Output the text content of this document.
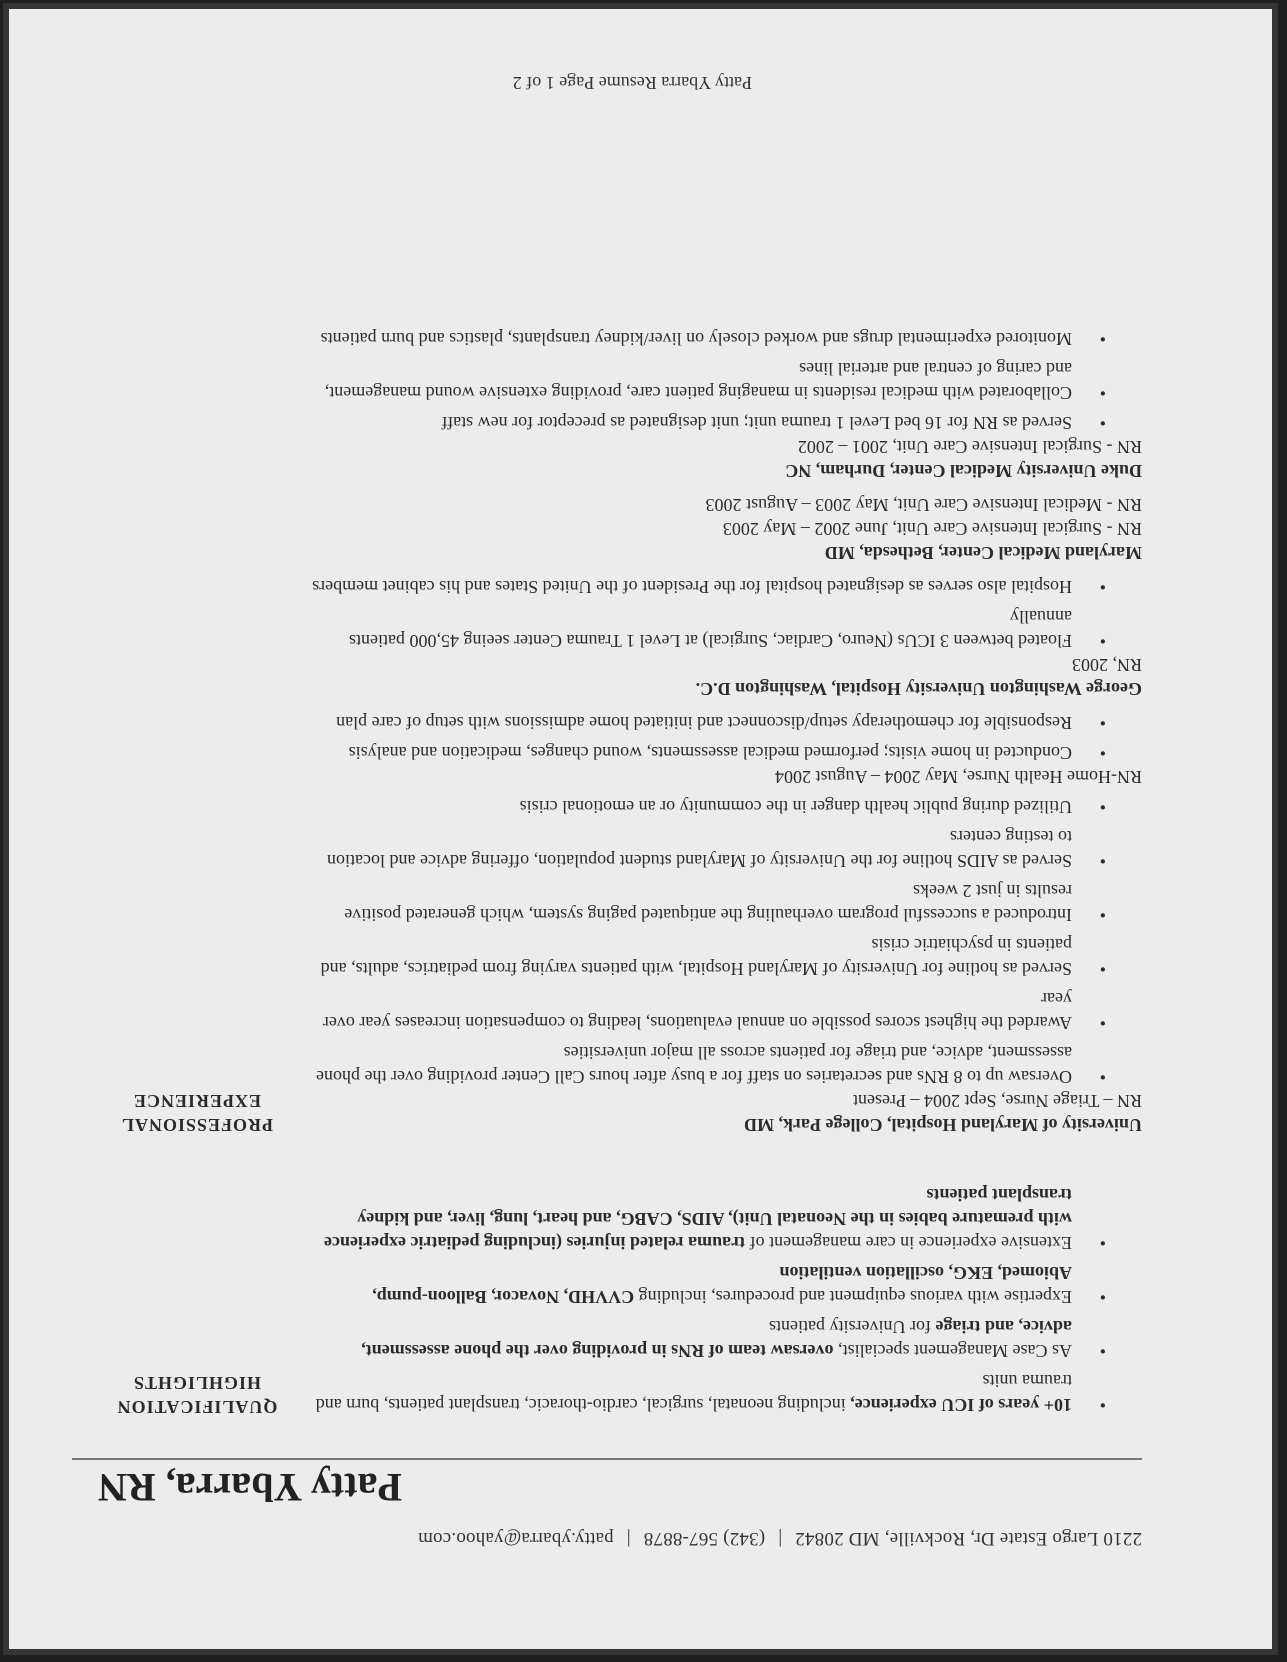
2210 Largo Estate Dr, Rockville, MD 20842 | (342) 567-8878 | patty.ybarra@yahoo.com
Patty Ybarra, RN
QUALIFICATION
HIGHLIGHTS
• 10+ years of ICU experience, including neonatal, surgical, cardio-thoracic, transplant patients, burn and trauma units
• As Case Management specialist, oversaw team of RNs in providing over the phone assessment, advice, and triage for University patients
• Expertise with various equipment and procedures, including CVVHD, Novacor, Balloon-pump, Abiomed, EKG, oscillation ventilation
• Extensive experience in care management of trauma related injuries (including pediatric experience with premature babies in the Neonatal Unit), AIDS, CABG, and heart, lung, liver, and kidney transplant patients
PROFESSIONAL
EXPERIENCE
University of Maryland Hospital, College Park, MD
RN – Triage Nurse, Sept 2004 – Present
• Oversaw up to 8 RNs and secretaries on staff for a busy after hours Call Center providing over the phone assessment, advice, and triage for patients across all major universities
• Awarded the highest scores possible on annual evaluations, leading to compensation increases year over year
• Served as hotline for University of Maryland Hospital, with patients varying from pediatrics, adults, and patients in psychiatric crisis
• Introduced a successful program overhauling the antiquated paging system, which generated positive results in just 2 weeks
• Served as AIDS hotline for the University of Maryland student population, offering advice and location to testing centers
• Utilized during public health danger in the community or an emotional crisis
RN-Home Health Nurse, May 2004 – August 2004
• Conducted in home visits; performed medical assessments, wound changes, medication and analysis
• Responsible for chemotherapy setup/disconnect and initiated home admissions with setup of care plan
George Washington University Hospital, Washington D.C.
RN, 2003
• Floated between 3 ICUs (Neuro, Cardiac, Surgical) at Level 1 Trauma Center seeing 45,000 patients annually
• Hospital also serves as designated hospital for the President of the United States and his cabinet members
Maryland Medical Center, Bethesda, MD
RN - Surgical Intensive Care Unit, June 2002 – May 2003
RN - Medical Intensive Care Unit, May 2003 – August 2003
Duke University Medical Center, Durham, NC
RN - Surgical Intensive Care Unit, 2001 – 2002
• Served as RN for 16 bed Level 1 trauma unit; unit designated as preceptor for new staff
• Collaborated with medical residents in managing patient care, providing extensive wound management, and caring of central and arterial lines
• Monitored experimental drugs and worked closely on liver/kidney transplants, plastics and burn patients
Patty Ybarra Resume Page 1 of 2
